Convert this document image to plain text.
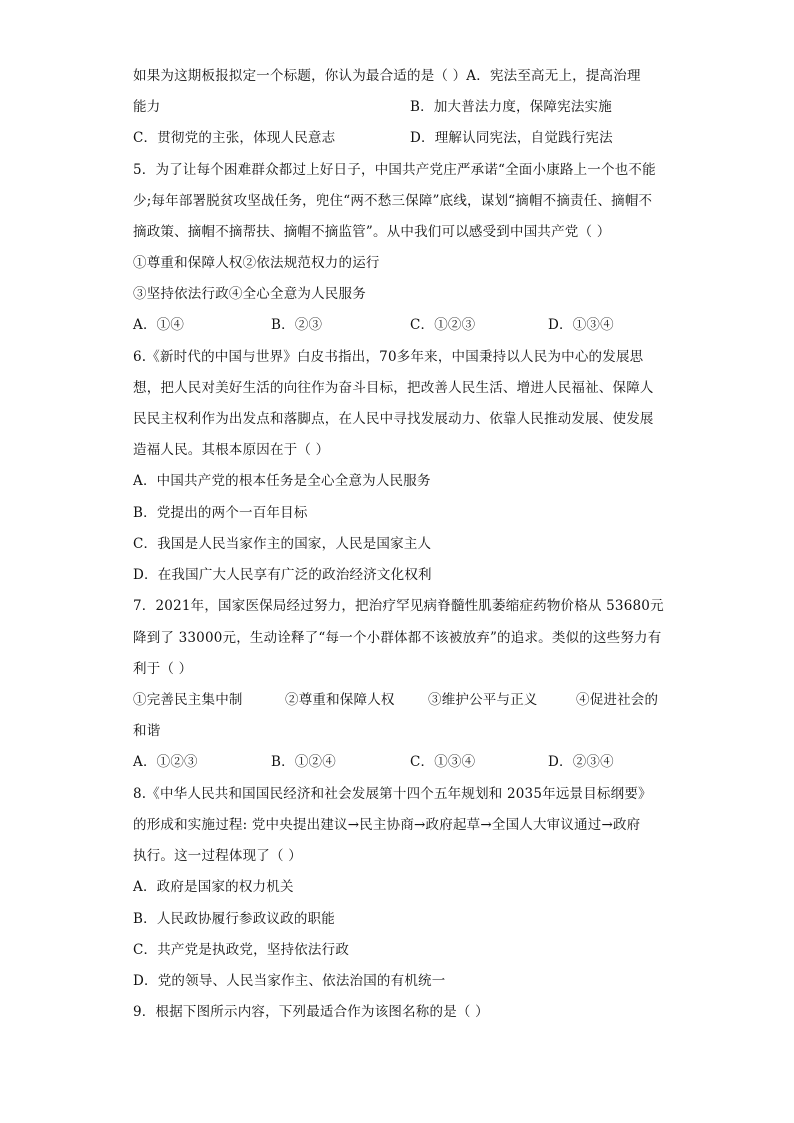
如果为这期板报拟定一个标题，你认为最合适的是（ ）A．宪法至高无上，提高治理
能力	B．加大普法力度，保障宪法实施
C．贯彻党的主张，体现人民意志	D．理解认同宪法，自觉践行宪法
5．为了让每个困难群众都过上好日子，中国共产党庄严承诺“全面小康路上一个也不能
少;每年部署脱贫攻坚战任务，兜住“两不愁三保障”底线，谋划“摘帽不摘责任、摘帽不
摘政策、摘帽不摘帮扶、摘帽不摘监管”。从中我们可以感受到中国共产党（ ）
①尊重和保障人权②依法规范权力的运行
③坚持依法行政④全心全意为人民服务
A．①④	B．②③	C．①②③	D．①③④
6.《新时代的中国与世界》白皮书指出，70多年来，中国秉持以人民为中心的发展思
想，把人民对美好生活的向往作为奋斗目标，把改善人民生活、增进人民福祉、保障人
民民主权利作为出发点和落脚点，在人民中寻找发展动力、依靠人民推动发展、使发展
造福人民。其根本原因在于（ ）
A．中国共产党的根本任务是全心全意为人民服务
B．党提出的两个一百年目标
C．我国是人民当家作主的国家，人民是国家主人
D．在我国广大人民享有广泛的政治经济文化权利
7．2021年，国家医保局经过努力，把治疗罕见病脊髓性肌萎缩症药物价格从 53680元
降到了 33000元，生动诠释了“每一个小群体都不该被放弃”的追求。类似的这些努力有
利于（ ）
①完善民主集中制	②尊重和保障人权 ③维护公平与正义	④促进社会的
和谐
A．①②③	B．①②④	C．①③④	D．②③④
8.《中华人民共和国国民经济和社会发展第十四个五年规划和 2035年远景目标纲要》
的形成和实施过程: 党中央提出建议→民主协商→政府起草→全国人大审议通过→政府
执行。这一过程体现了（ ）
A．政府是国家的权力机关
B．人民政协履行参政议政的职能
C．共产党是执政党，坚持依法行政
D．党的领导、人民当家作主、依法治国的有机统一
9．根据下图所示内容，下列最适合作为该图名称的是（ ）
